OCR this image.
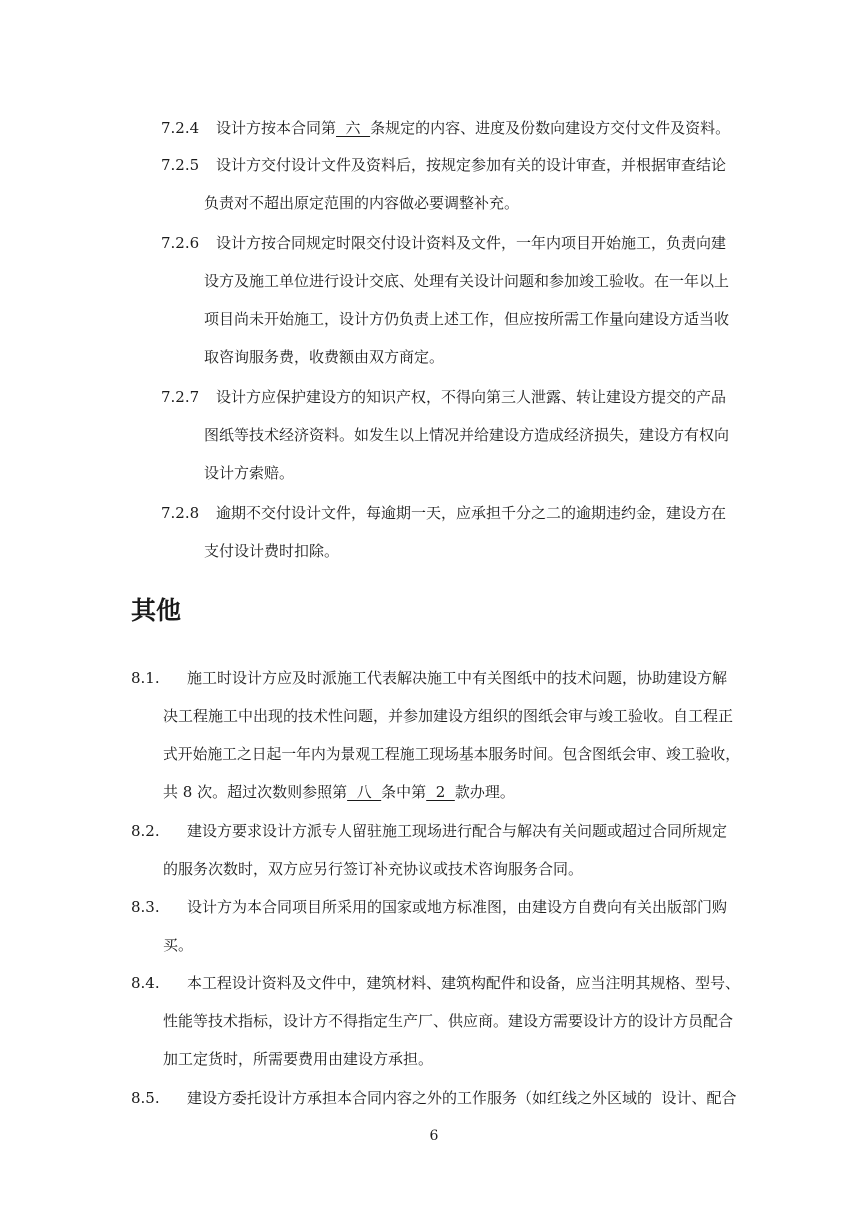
7.2.4 设计方按本合同第  六  条规定的内容、进度及份数向建设方交付文件及资料。
7.2.5 设计方交付设计文件及资料后，按规定参加有关的设计审查，并根据审查结论
负责对不超出原定范围的内容做必要调整补充。
7.2.6 设计方按合同规定时限交付设计资料及文件，一年内项目开始施工，负责向建
设方及施工单位进行设计交底、处理有关设计问题和参加竣工验收。在一年以上
项目尚未开始施工，设计方仍负责上述工作，但应按所需工作量向建设方适当收
取咨询服务费，收费额由双方商定。
7.2.7 设计方应保护建设方的知识产权，不得向第三人泄露、转让建设方提交的产品
图纸等技术经济资料。如发生以上情况并给建设方造成经济损失，建设方有权向
设计方索赔。
7.2.8 逾期不交付设计文件，每逾期一天，应承担千分之二的逾期违约金，建设方在
支付设计费时扣除。
其他
8.1. 施工时设计方应及时派施工代表解决施工中有关图纸中的技术问题，协助建设方解
决工程施工中出现的技术性问题，并参加建设方组织的图纸会审与竣工验收。自工程正
式开始施工之日起一年内为景观工程施工现场基本服务时间。包含图纸会审、竣工验收，
共 8 次。超过次数则参照第  八  条中第  2  款办理。
8.2. 建设方要求设计方派专人留驻施工现场进行配合与解决有关问题或超过合同所规定
的服务次数时，双方应另行签订补充协议或技术咨询服务合同。
8.3. 设计方为本合同项目所采用的国家或地方标准图，由建设方自费向有关出版部门购
买。
8.4. 本工程设计资料及文件中，建筑材料、建筑构配件和设备，应当注明其规格、型号、
性能等技术指标，设计方不得指定生产厂、供应商。建设方需要设计方的设计方员配合
加工定货时，所需要费用由建设方承担。
8.5. 建设方委托设计方承担本合同内容之外的工作服务（如红线之外区域的  设计、配合
6
